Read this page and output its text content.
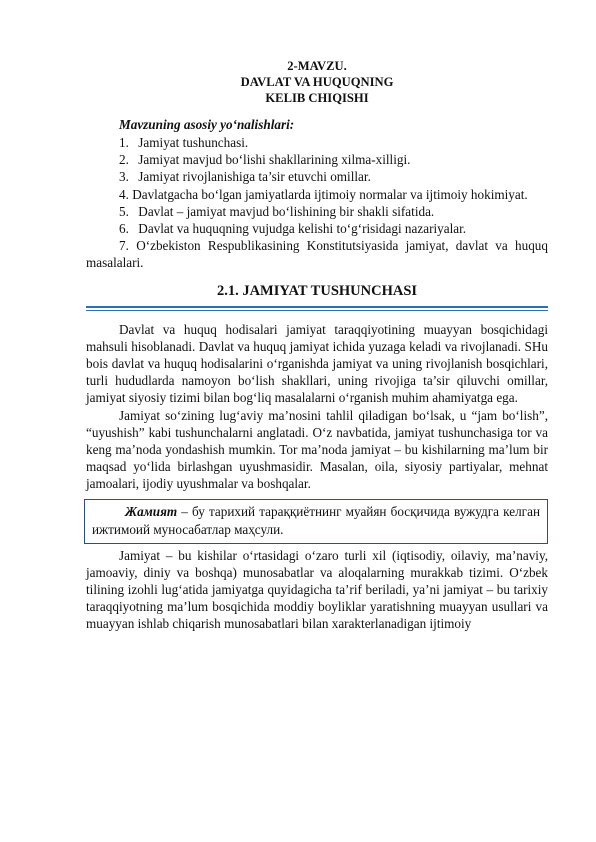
2-MAVZU.
DAVLAT VA HUQUQNING
KELIB CHIQISHI
Mavzuning asosiy yo‘nalishlari:

1. Jamiyat tushunchasi.

2. Jamiyat mavjud bo‘lishi shakllarining xilma-xilligi.

3. Jamiyat rivojlanishiga ta’sir etuvchi omillar.

4. Davlatgacha bo‘lgan jamiyatlarda ijtimoiy normalar va ijtimoiy hokimiyat.

5. Davlat – jamiyat mavjud bo‘lishining bir shakli sifatida.

6. Davlat va huquqning vujudga kelishi to‘g‘risidagi nazariyalar.

7. O‘zbekiston Respublikasining Konstitutsiyasida jamiyat, davlat va huquq masalalari.

2.1. JAMIYAT TUSHUNCHASI

Davlat va huquq hodisalari jamiyat taraqqiyotining muayyan bosqichidagi mahsuli hisoblanadi. Davlat va huquq jamiyat ichida yuzaga keladi va rivojlanadi. SHu bois davlat va huquq hodisalarini o‘rganishda jamiyat va uning rivojlanish bosqichlari, turli hududlarda namoyon bo‘lish shakllari, uning rivojiga ta’sir qiluvchi omillar, jamiyat siyosiy tizimi bilan bog‘liq masalalarni o‘rganish muhim ahamiyatga ega.

Jamiyat so‘zining lug‘aviy ma’nosini tahlil qiladigan bo‘lsak, u “jam bo‘lish”, “uyushish” kabi tushunchalarni anglatadi. O‘z navbatida, jamiyat tushunchasiga tor va keng ma’noda yondashish mumkin. Tor ma’noda jamiyat – bu kishilarning ma’lum bir maqsad yo‘lida birlashgan uyushmasidir. Masalan, oila, siyosiy partiyalar, mehnat jamoalari, ijodiy uyushmalar va boshqalar.

Жамият – бу тарихий тараққиётнинг муайян босқичида вужудга келган ижтимоий муносабатлар маҳсули.

Jamiyat – bu kishilar o‘rtasidagi o‘zaro turli xil (iqtisodiy, oilaviy, ma’naviy, jamoaviy, diniy va boshqa) munosabatlar va aloqalarning murakkab tizimi. O‘zbek tilining izohli lug‘atida jamiyatga quyidagicha ta’rif beriladi, ya’ni jamiyat – bu tarixiy taraqqiyotning ma’lum bosqichida moddiy boyliklar yaratishning muayyan usullari va muayyan ishlab chiqarish munosabatlari bilan xarakterlanadigan ijtimoiy
